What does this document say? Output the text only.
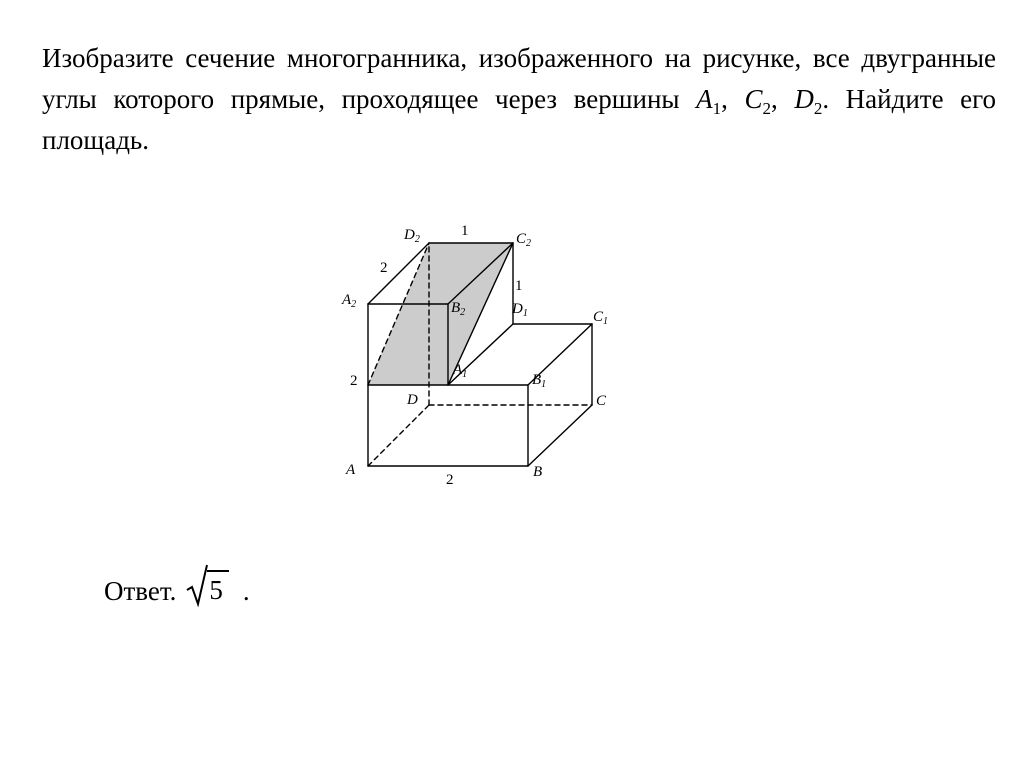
Изобразите сечение многогранника, изображенного на рисунке, все двугранные углы которого прямые, проходящее через вершины $A_1$, $C_2$, $D_2$. Найдите его площадь.

$D_2$	$C_2$
$A_2$	$B_2$	$D_1$	$C_1$
$A_1$	$B_1$
D	C
A	B
1
2
1
2
2
Ответ. 5 .
